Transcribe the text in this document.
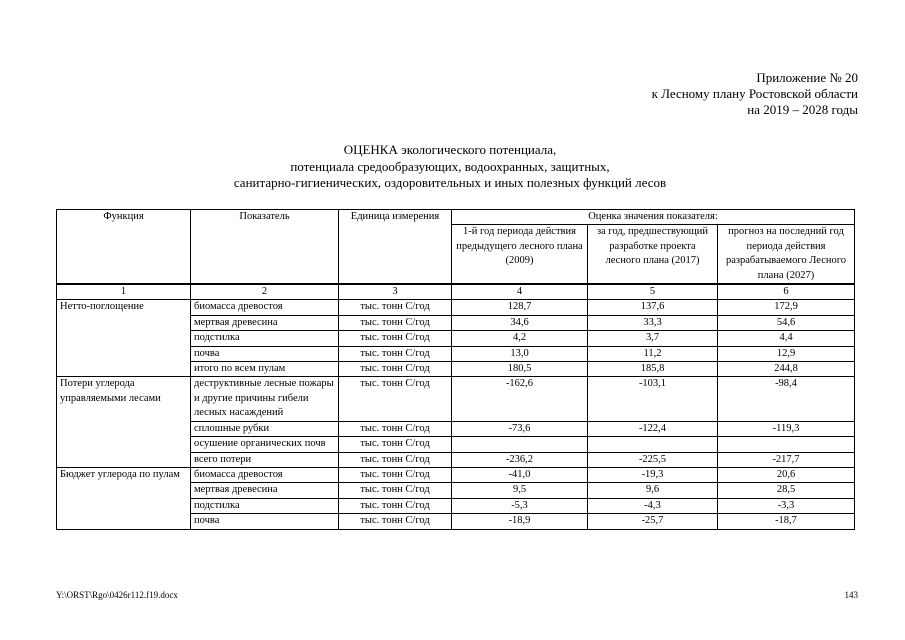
Приложение № 20
к Лесному плану Ростовской области
на 2019 – 2028 годы
ОЦЕНКА экологического потенциала,
потенциала средообразующих, водоохранных, защитных,
санитарно-гигиенических, оздоровительных и иных полезных функций лесов
Функция	Показатель	Единица измерения	Оценка значения показателя:		
			1-й год периода действия предыдущего лесного плана (2009)	за год, предшествующий разработке проекта лесного плана (2017)	прогноз на последний год периода действия разрабатываемого Лесного плана (2027)
1	2	3	4	5	6
Нетто-поглощение	биомасса древостоя	тыс. тонн С/год	128,7	137,6	172,9
	мертвая древесина	тыс. тонн С/год	34,6	33,3	54,6
	подстилка	тыс. тонн С/год	4,2	3,7	4,4
	почва	тыс. тонн С/год	13,0	11,2	12,9
	итого по всем пулам	тыс. тонн С/год	180,5	185,8	244,8
Потери углерода управляемыми лесами	деструктивные лесные пожары и другие причины гибели лесных насаждений	тыс. тонн С/год	-162,6	-103,1	-98,4
	сплошные рубки	тыс. тонн С/год	-73,6	-122,4	-119,3
	осушение органических почв	тыс. тонн С/год			
	всего потери	тыс. тонн С/год	-236,2	-225,5	-217,7
Бюджет углерода по пулам	биомасса древостоя	тыс. тонн С/год	-41,0	-19,3	20,6
	мертвая древесина	тыс. тонн С/год	9,5	9,6	28,5
	подстилка	тыс. тонн С/год	-5,3	-4,3	-3,3
	почва	тыс. тонн С/год	-18,9	-25,7	-18,7
Y:\ORST\Rgo\0426r112.f19.docx	143
